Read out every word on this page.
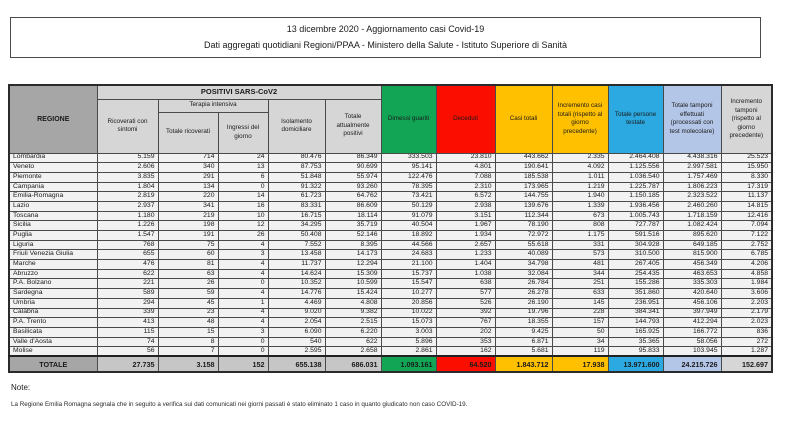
13 dicembre 2020 - Aggiornamento casi Covid-19
Dati aggregati quotidiani Regioni/PPAA - Ministero della Salute - Istituto Superiore di Sanità
REGIONE	POSITIVI SARS-CoV2					Dimessi guariti	Deceduti	Casi totali	Incremento casi totali (rispetto al giorno precedente)	Totale persone testate	Totale tamponi effettuati (processati con test molecolare)	Incremento tamponi (rispetto al giorno precedente)
	Ricoverati con sintomi	Terapia intensiva		Isolamento domiciliare	Totale attualmente positivi							
		Totale ricoverati	Ingressi del giorno									
Lombardia	5.159	714	24	80.476	86.349	333.503	23.810	443.662	2.335	2.464.408	4.438.316	25.523
Veneto	2.606	340	13	87.753	90.699	95.141	4.801	190.641	4.092	1.125.556	2.997.581	15.950
Piemonte	3.835	291	6	51.848	55.974	122.476	7.088	185.538	1.011	1.036.540	1.757.469	8.330
Campania	1.804	134	0	91.322	93.260	78.395	2.310	173.965	1.219	1.225.787	1.806.223	17.319
Emilia-Romagna	2.819	220	14	61.723	64.762	73.421	6.572	144.755	1.940	1.150.185	2.323.522	11.137
Lazio	2.937	341	16	83.331	86.609	50.129	2.938	139.676	1.339	1.936.456	2.460.260	14.815
Toscana	1.180	219	10	16.715	18.114	91.079	3.151	112.344	673	1.005.743	1.718.159	12.416
Sicilia	1.226	198	12	34.295	35.719	40.504	1.967	78.190	808	727.787	1.082.424	7.094
Puglia	1.547	191	26	50.408	52.146	18.892	1.934	72.972	1.175	591.516	895.620	7.122
Liguria	768	75	4	7.552	8.395	44.566	2.657	55.618	331	304.928	649.185	2.752
Friuli Venezia Giulia	655	60	3	13.458	14.173	24.683	1.233	40.089	573	310.500	815.900	6.785
Marche	476	81	4	11.737	12.294	21.100	1.404	34.798	481	267.405	456.349	4.206
Abruzzo	622	63	4	14.624	15.309	15.737	1.038	32.084	344	254.435	463.653	4.858
P.A. Bolzano	221	26	0	10.352	10.599	15.547	638	26.784	251	155.286	335.303	1.984
Sardegna	589	59	4	14.776	15.424	10.277	577	26.278	633	351.860	420.640	3.606
Umbria	294	45	1	4.469	4.808	20.856	526	26.190	145	236.951	456.106	2.203
Calabria	339	23	4	9.020	9.382	10.022	392	19.796	228	384.341	397.949	2.179
P.A. Trento	413	48	4	2.054	2.515	15.073	767	18.355	157	144.793	412.294	2.023
Basilicata	115	15	3	6.090	6.220	3.003	202	9.425	50	165.925	166.772	836
Valle d'Aosta	74	8	0	540	622	5.896	353	6.871	34	35.365	58.056	272
Molise	56	7	0	2.595	2.658	2.861	162	5.681	119	95.833	103.945	1.287
TOTALE	27.735	3.158	152	655.138	686.031	1.093.161	64.520	1.843.712	17.938	13.971.600	24.215.726	152.697
Note:
La Regione Emilia Romagna segnala che in seguito a verifica sui dati comunicati nei giorni passati è stato eliminato 1 caso in quanto giudicato non caso COVID-19.
